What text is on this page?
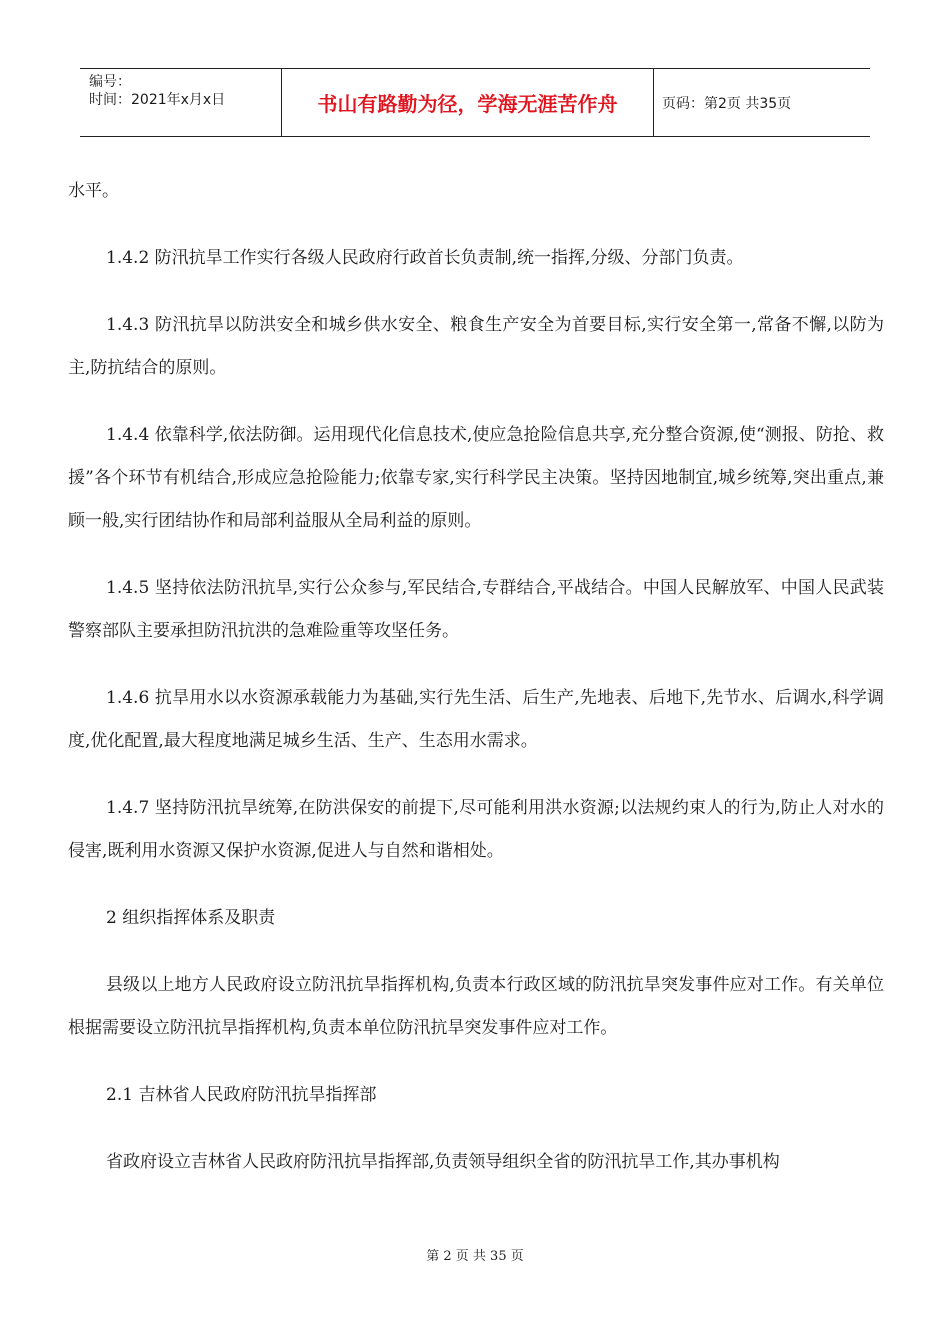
编号：
时间：2021年x月x日	书山有路勤为径，学海无涯苦作舟	页码：第2页 共35页

水平。

1.4.2 防汛抗旱工作实行各级人民政府行政首长负责制,统一指挥,分级、分部门负责。

1.4.3 防汛抗旱以防洪安全和城乡供水安全、粮食生产安全为首要目标,实行安全第一,常备不懈,以防为主,防抗结合的原则。

1.4.4 依靠科学,依法防御。运用现代化信息技术,使应急抢险信息共享,充分整合资源,使“测报、防抢、救援”各个环节有机结合,形成应急抢险能力;依靠专家,实行科学民主决策。坚持因地制宜,城乡统筹,突出重点,兼顾一般,实行团结协作和局部利益服从全局利益的原则。

1.4.5 坚持依法防汛抗旱,实行公众参与,军民结合,专群结合,平战结合。中国人民解放军、中国人民武装警察部队主要承担防汛抗洪的急难险重等攻坚任务。

1.4.6 抗旱用水以水资源承载能力为基础,实行先生活、后生产,先地表、后地下,先节水、后调水,科学调度,优化配置,最大程度地满足城乡生活、生产、生态用水需求。

1.4.7 坚持防汛抗旱统筹,在防洪保安的前提下,尽可能利用洪水资源;以法规约束人的行为,防止人对水的侵害,既利用水资源又保护水资源,促进人与自然和谐相处。

2 组织指挥体系及职责

县级以上地方人民政府设立防汛抗旱指挥机构,负责本行政区域的防汛抗旱突发事件应对工作。有关单位根据需要设立防汛抗旱指挥机构,负责本单位防汛抗旱突发事件应对工作。

2.1 吉林省人民政府防汛抗旱指挥部

省政府设立吉林省人民政府防汛抗旱指挥部,负责领导组织全省的防汛抗旱工作,其办事机构

第 2 页 共 35 页
